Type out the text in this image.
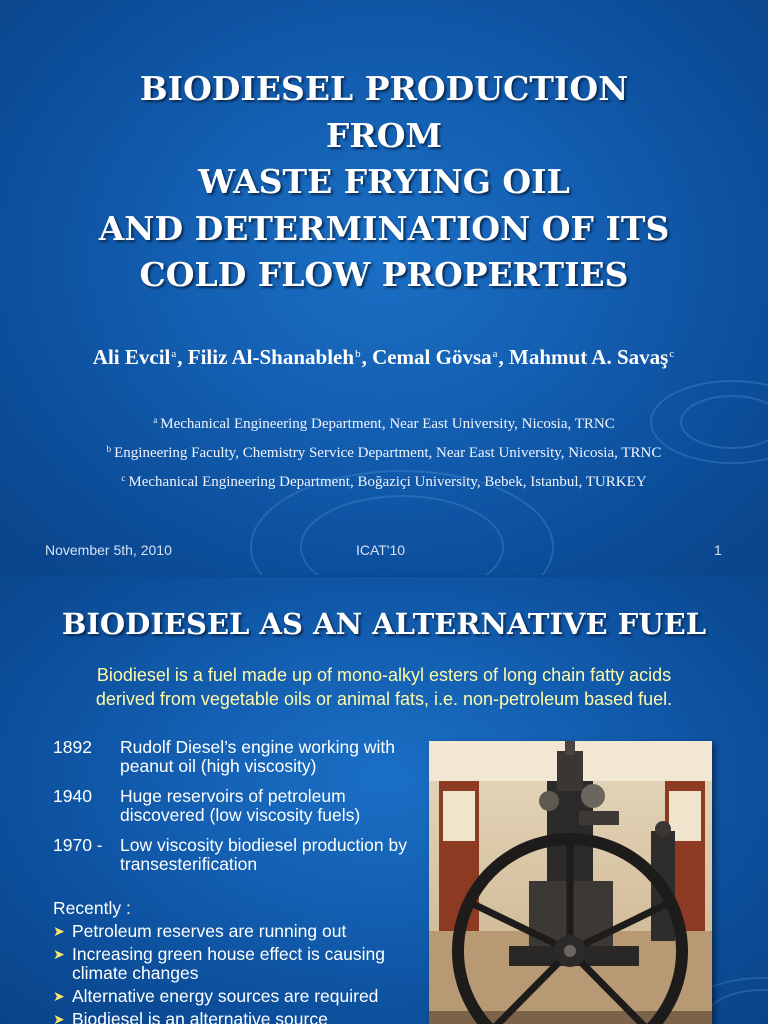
BIODIESEL PRODUCTION
FROM
WASTE FRYING OIL
AND DETERMINATION OF ITS
COLD FLOW PROPERTIES
Ali Evcil$^a$, Filiz Al-Shanableh$^b$, Cemal Gövsa$^a$, Mahmut A. Savaş$^c$
$^a$ Mechanical Engineering Department, Near East University, Nicosia, TRNC
$^b$ Engineering Faculty, Chemistry Service Department, Near East University, Nicosia, TRNC
$^c$ Mechanical Engineering Department, Boğaziçi University, Bebek, Istanbul, TURKEY
November 5th, 2010	ICAT'10	1
BIODIESEL AS AN ALTERNATIVE FUEL
Biodiesel is a fuel made up of mono-alkyl esters of long chain fatty acids
derived from vegetable oils or animal fats, i.e. non-petroleum based fuel.
1892	Rudolf Diesel’s engine working with peanut oil (high viscosity)
1940	Huge reservoirs of petroleum discovered (low viscosity fuels)
1970 - Low viscosity biodiesel production by transesterification
Recently :
➤ Petroleum reserves are running out
➤ Increasing green house effect is causing climate changes
➤ Alternative energy sources are required
➤ Biodiesel is an alternative source
